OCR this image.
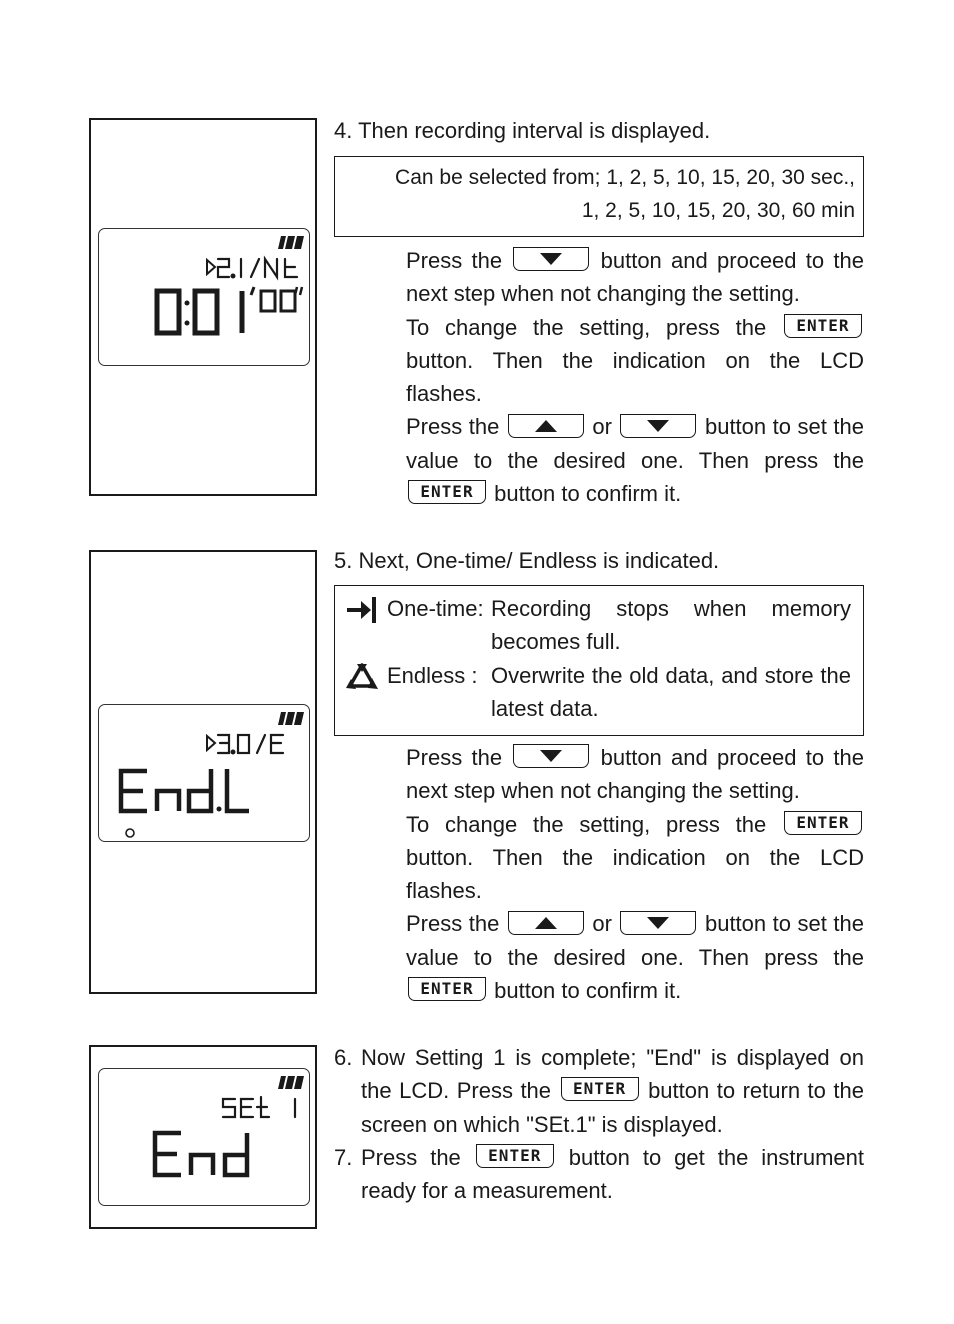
4. Then recording interval is displayed.
Can be selected from; 1, 2, 5, 10, 15, 20, 30 sec.,
1, 2, 5, 10, 15, 20, 30, 60 min
Press the	button and proceed to the next step when not changing the setting.
To change the setting, press the ENTER button. Then the indication on the LCD flashes.
Press the	or	button to set the value to the desired one. Then press the ENTER button to confirm it.
5. Next, One-time/ Endless is indicated.
One-time: Recording stops when memory becomes full.
Endless : Overwrite the old data, and store the latest data.
Press the	button and proceed to the next step when not changing the setting.
To change the setting, press the ENTER button. Then the indication on the LCD flashes.
Press the	or	button to set the value to the desired one. Then press the ENTER button to confirm it.
6. Now Setting 1 is complete; "End" is displayed on the LCD. Press the ENTER button to return to the screen on which "SEt.1" is displayed.
7. Press the ENTER button to get the instrument ready for a measurement.
